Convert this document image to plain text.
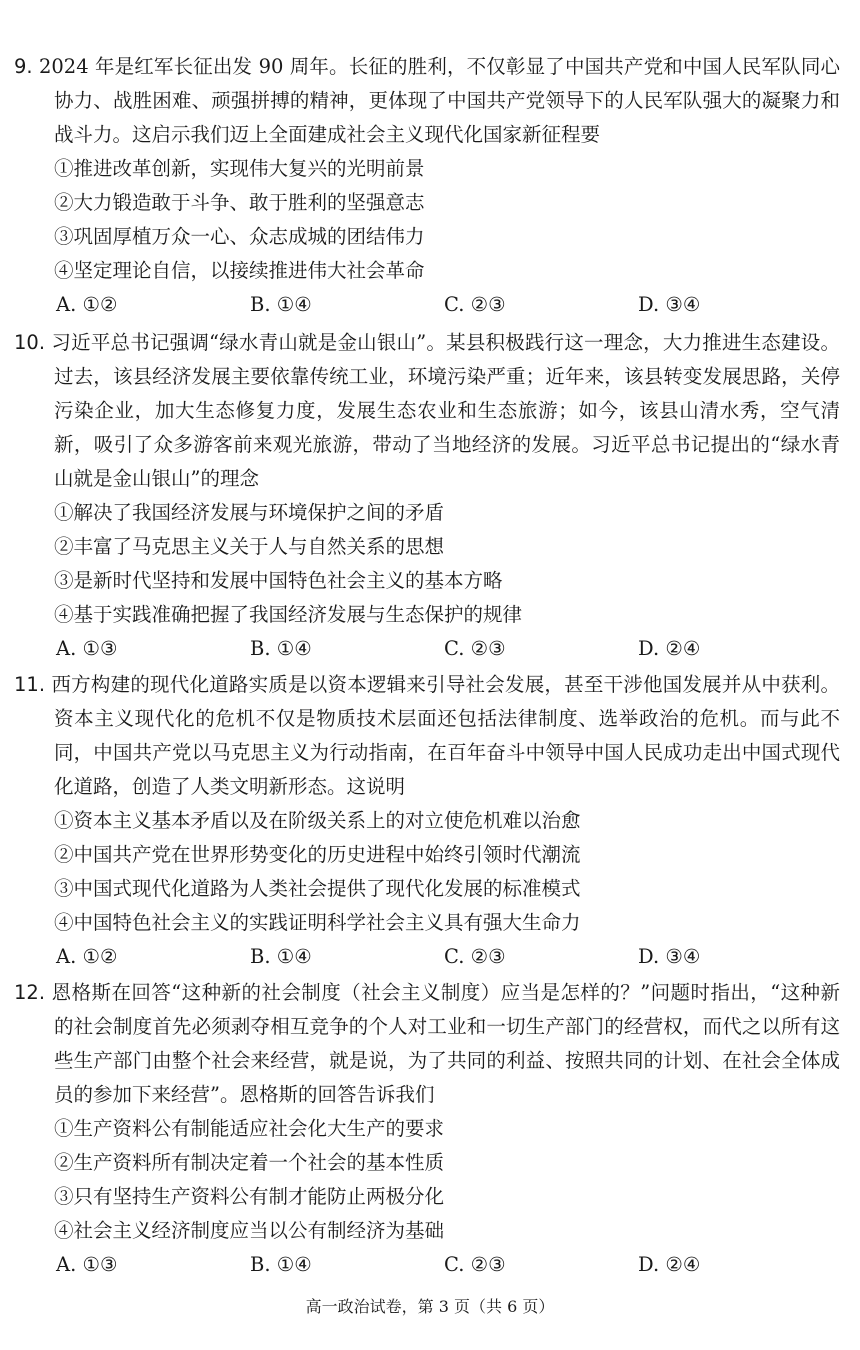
9. 2024 年是红军长征出发 90 周年。长征的胜利，不仅彰显了中国共产党和中国人民军队同心协力、战胜困难、顽强拼搏的精神，更体现了中国共产党领导下的人民军队强大的凝聚力和战斗力。这启示我们迈上全面建成社会主义现代化国家新征程要

①推进改革创新，实现伟大复兴的光明前景

②大力锻造敢于斗争、敢于胜利的坚强意志

③巩固厚植万众一心、众志成城的团结伟力

④坚定理论自信，以接续推进伟大社会革命

A. ①②	B. ①④	C. ②③	D. ③④

10. 习近平总书记强调“绿水青山就是金山银山”。某县积极践行这一理念，大力推进生态建设。过去，该县经济发展主要依靠传统工业，环境污染严重；近年来，该县转变发展思路，关停污染企业，加大生态修复力度，发展生态农业和生态旅游；如今，该县山清水秀，空气清新，吸引了众多游客前来观光旅游，带动了当地经济的发展。习近平总书记提出的“绿水青山就是金山银山”的理念

①解决了我国经济发展与环境保护之间的矛盾

②丰富了马克思主义关于人与自然关系的思想

③是新时代坚持和发展中国特色社会主义的基本方略

④基于实践准确把握了我国经济发展与生态保护的规律

A. ①③	B. ①④	C. ②③	D. ②④

11. 西方构建的现代化道路实质是以资本逻辑来引导社会发展，甚至干涉他国发展并从中获利。资本主义现代化的危机不仅是物质技术层面还包括法律制度、选举政治的危机。而与此不同，中国共产党以马克思主义为行动指南，在百年奋斗中领导中国人民成功走出中国式现代化道路，创造了人类文明新形态。这说明

①资本主义基本矛盾以及在阶级关系上的对立使危机难以治愈

②中国共产党在世界形势变化的历史进程中始终引领时代潮流

③中国式现代化道路为人类社会提供了现代化发展的标准模式

④中国特色社会主义的实践证明科学社会主义具有强大生命力

A. ①②	B. ①④	C. ②③	D. ③④

12. 恩格斯在回答“这种新的社会制度（社会主义制度）应当是怎样的？”问题时指出，“这种新的社会制度首先必须剥夺相互竞争的个人对工业和一切生产部门的经营权，而代之以所有这些生产部门由整个社会来经营，就是说，为了共同的利益、按照共同的计划、在社会全体成员的参加下来经营”。恩格斯的回答告诉我们

①生产资料公有制能适应社会化大生产的要求

②生产资料所有制决定着一个社会的基本性质

③只有坚持生产资料公有制才能防止两极分化

④社会主义经济制度应当以公有制经济为基础

A. ①③	B. ①④	C. ②③	D. ②④
高一政治试卷，第 3 页（共 6 页）
